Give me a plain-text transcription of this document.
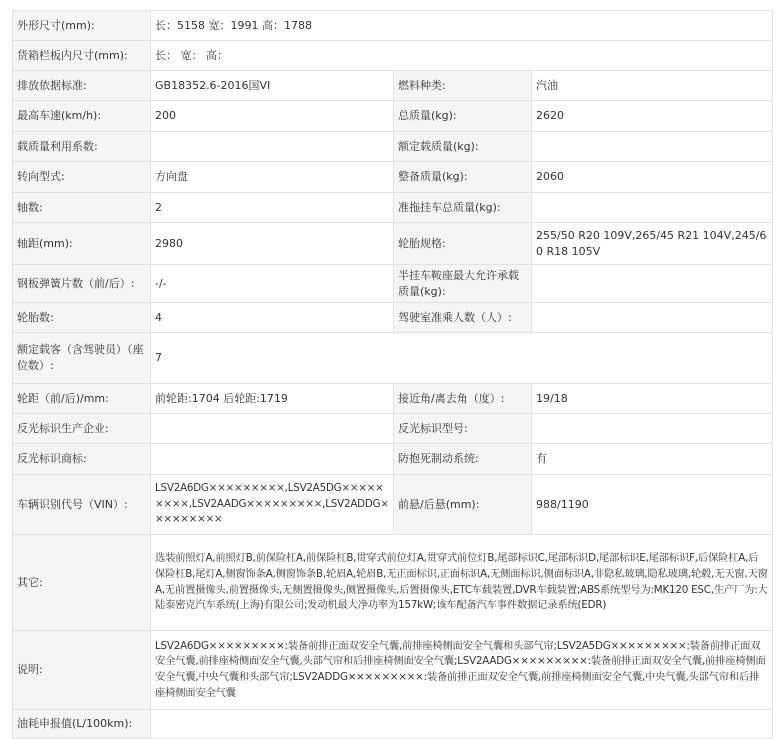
外形尺寸(mm):	长：5158 宽：1991 高：1788		
货箱栏板内尺寸(mm):	长： 宽： 高：		
排放依据标准:	GB18352.6-2016国VI	燃料种类:	汽油
最高车速(km/h):	200	总质量(kg):	2620
载质量利用系数:		额定载质量(kg):	
转向型式:	方向盘	整备质量(kg):	2060
轴数:	2	准拖挂车总质量(kg):	
轴距(mm):	2980	轮胎规格:	255/50 R20 109V,265/45 R21 104V,245/60 R18 105V
钢板弹簧片数（前/后）:	-/-	半挂车鞍座最大允许承载质量(kg):	
轮胎数:	4	驾驶室准乘人数（人）:	
额定载客（含驾驶员）（座位数）:	7		
轮距（前/后)/mm:	前轮距:1704 后轮距:1719	接近角/离去角（度）:	19/18
反光标识生产企业:		反光标识型号:	
反光标识商标:		防抱死制动系统:	有
车辆识别代号（VIN）:	LSV2A6DG×××××××××,LSV2A5DG×××××××××,LSV2AADG×××××××××,LSV2ADDG×××××××××	前悬/后悬(mm):	988/1190
其它:	选装前照灯A,前照灯B,前保险杠A,前保险杠B,贯穿式前位灯A,贯穿式前位灯B,尾部标识C,尾部标识D,尾部标识E,尾部标识F,后保险杠A,后保险杠B,尾灯A,侧窗饰条A,侧窗饰条B,轮眉A,轮眉B,无正面标识,正面标识A,无侧面标识,侧面标识A,非隐私玻璃,隐私玻璃,轮毂,无天窗,天窗A,无前置摄像头,前置摄像头,无侧置摄像头,侧置摄像头,后置摄像头,ETC车载装置,DVR车载装置;ABS系统型号为:MK120 ESC,生产厂为:大陆泰密克汽车系统(上海)有限公司;发动机最大净功率为157kW;该车配备汽车事件数据记录系统(EDR)		
说明:	LSV2A6DG×××××××××:装备前排正面双安全气囊,前排座椅侧面安全气囊和头部气帘;LSV2A5DG×××××××××:装备前排正面双安全气囊,前排座椅侧面安全气囊,头部气帘和后排座椅侧面安全气囊;LSV2AADG×××××××××:装备前排正面双安全气囊,前排座椅侧面安全气囊,中央气囊和头部气帘;LSV2ADDG×××××××××:装备前排正面双安全气囊,前排座椅侧面安全气囊,中央气囊,头部气帘和后排座椅侧面安全气囊		
油耗申报值(L/100km):			
